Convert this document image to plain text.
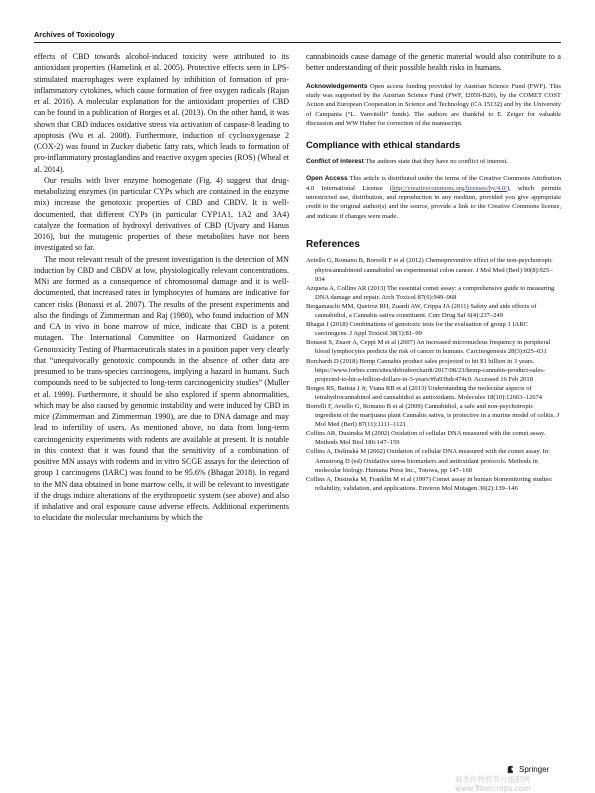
Archives of Toxicology

effects of CBD towards alcohol-induced toxicity were attributed to its antioxidant properties (Hamelink et al. 2005). Protective effects seen in LPS-stimulated macrophages were explained by inhibition of formation of pro-inflammatory cytokines, which cause formation of free oxygen radicals (Rajan et al. 2016). A molecular explanation for the antioxidant properties of CBD can be found in a publication of Borges et al. (2013). On the other hand, it was shown that CBD induces oxidative stress via activation of caspase-8 leading to apoptosis (Wu et al. 2008). Furthermore, induction of cyclooxygenase 2 (COX-2) was found in Zucker diabetic fatty rats, which leads to formation of pro-inflammatory prostaglandins and reactive oxygen species (ROS) (Wheal et al. 2014).

Our results with liver enzyme homogenate (Fig. 4) suggest that drug-metabolizing enzymes (in particular CYPs which are contained in the enzyme mix) increase the genotoxic properties of CBD and CBDV. It is well-documented, that different CYPs (in particular CYP1A1, 1A2 and 3A4) catalyze the formation of hydroxyl derivatives of CBD (Ujvary and Hanus 2016), but the mutagenic properties of these metabolites have not been investigated so far.

The most relevant result of the present investigation is the detection of MN induction by CBD and CBDV at low, physiologically relevant concentrations. MNi are formed as a consequence of chromosomal damage and it is well-documented, that increased rates in lymphocytes of humans are indicative for cancer risks (Bonassi et al. 2007). The results of the present experiments and also the findings of Zimmerman and Raj (1980), who found induction of MN and CA in vivo in bone marrow of mice, indicate that CBD is a potent mutagen. The International Committee on Harmonized Guidance on Genotoxicity Testing of Pharmaceuticals states in a position paper very clearly that “unequivocally genotoxic compounds in the absence of other data are presumed to be trans-species carcinogens, implying a hazard in humans. Such compounds need to be subjected to long-term carcinogenicity studies” (Muller et al. 1999). Furthermore, it should be also explored if sperm abnormalities, which may be also caused by genomic instability and were induced by CBD in mice (Zimmerman and Zimmerman 1990), are due to DNA damage and may lead to infertility of users. As mentioned above, no data from long-term carcinogenicity experiments with rodents are available at present. It is notable in this context that it was found that the sensitivity of a combination of positive MN assays with rodents and in vitro SCGE assays for the detection of group 1 carcinogens (IARC) was found to be 95.6% (Bhagat 2018). In regard to the MN data obtained in bone marrow cells, it will be relevant to investigate if the drugs induce alterations of the erythropoetic system (see above) and also if inhalative and oral exposure cause adverse effects. Additional experiments to elucidate the molecular mechanisms by which the

cannabinoids cause damage of the genetic material would also contribute to a better understanding of their possible health risks in humans.

Acknowledgements Open access funding provided by Austrian Science Fund (FWF). This study was supported by the Austrian Science Fund (FWF, I2059-B20), by the COMET COST Action and European Cooperation in Science and Technology (CA 15132) and by the University of Campania (“L. Vanvitelli” funds). The authors are thankful to E. Zeiger for valuable discussion and WW Huber for correction of the manuscript.

Compliance with ethical standards

Conflict of interest The authors state that they have no conflict of interest.

Open Access This article is distributed under the terms of the Creative Commons Attribution 4.0 International License (http://creativecommons.org/licenses/by/4.0/), which permits unrestricted use, distribution, and reproduction in any medium, provided you give appropriate credit to the original author(s) and the source, provide a link to the Creative Commons license, and indicate if changes were made.

References

Aviello G, Romano B, Borrelli F et al (2012) Chemopreventive effect of the non-psychotropic phytocannabinoid cannabidiol on experimental colon cancer. J Mol Med (Berl) 90(8):925–934

Azqueta A, Collins AR (2013) The essential comet assay: a comprehensive guide to measuring DNA damage and repair. Arch Toxicol 87(6):949–968

Bergamaschi MM, Queiroz RH, Zuardi AW, Crippa JA (2011) Safety and side effects of cannabidiol, a Cannabis sativa constituent. Curr Drug Saf 6(4):237–249

Bhagat J (2018) Combinations of genotoxic tests for the evaluation of group 1 IARC carcinogens. J Appl Toxicol 38(1):81–99

Bonassi S, Znaor A, Ceppi M et al (2007) An increased micronucleus frequency in peripheral blood lymphocytes predicts the risk of cancer in humans. Carcinogenesis 28(3):625–631

Borchardt D (2018) Hemp Cannabis product sales projected to hit $1 billion in 3 years. https://www.forbes.com/sites/debraborchardt/2017/08/23/hemp-cannabis-product-sales-projected-to-hit-a-billion-dollars-in-3-years/#fa93bdc474c0. Accessed 16 Feb 2018

Borges RS, Batista J Jr, Viana RB et al (2013) Understanding the molecular aspects of tetrahydrocannabinol and cannabidiol as antioxidants. Molecules 18(10):12663–12674

Borrelli F, Aviello G, Romano B et al (2009) Cannabidiol, a safe and non-psychotropic ingredient of the marijuana plant Cannabis sativa, is protective in a murine model of colitis. J Mol Med (Berl) 87(11):1111–1121

Collins AR, Dusinska M (2002) Oxidation of cellular DNA measured with the comet assay. Methods Mol Biol 186:147–159

Collins A, Dušinská M (2002) Oxidation of cellular DNA measured with the comet assay. In: Armstrong D (ed) Oxidative stress biomarkers and antioxidant protocols. Methods in molecular biology. Humana Press Inc., Totowa, pp 147–160

Collins A, Dusinska M, Franklin M et al (1997) Comet assay in human biomonitoring studies: reliability, validation, and applications. Environ Mol Mutagen 30(2):139–146

Springer
麻类作物营养与施肥网
www.fibercrops.com
